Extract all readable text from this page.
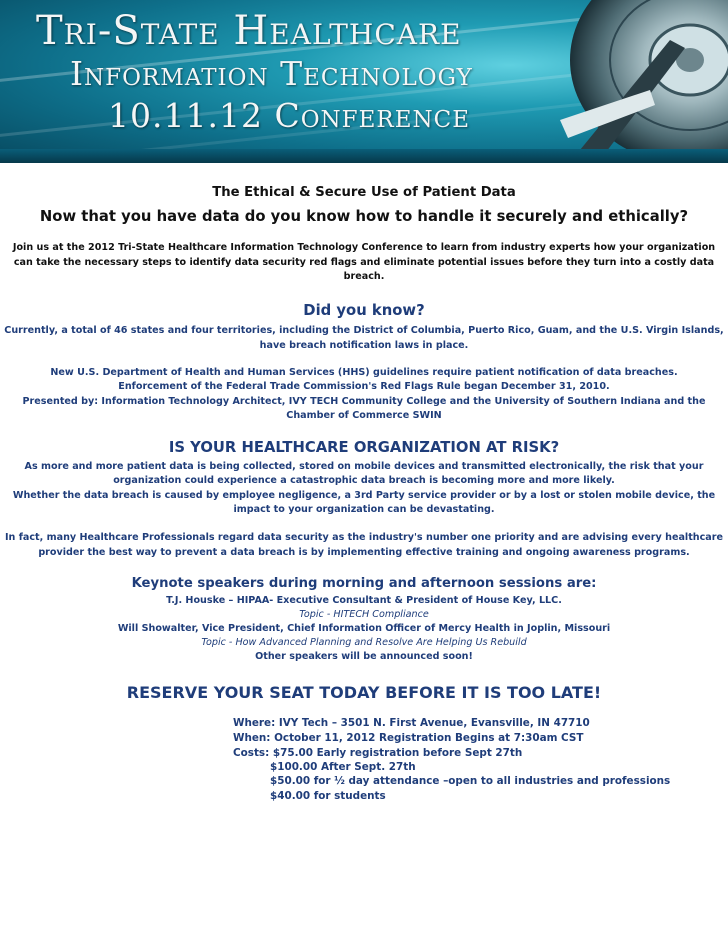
Tri-State Healthcare
Information Technology
10.11.12 Conference
The Ethical & Secure Use of Patient Data
Now that you have data do you know how to handle it securely and ethically?
Join us at the 2012 Tri-State Healthcare Information Technology Conference to learn from industry experts how your organization
can take the necessary steps to identify data security red flags and eliminate potential issues before they turn into a costly data
breach.
Did you know?
Currently, a total of 46 states and four territories, including the District of Columbia, Puerto Rico, Guam, and the U.S. Virgin Islands,
have breach notification laws in place.
New U.S. Department of Health and Human Services (HHS) guidelines require patient notification of data breaches.
Enforcement of the Federal Trade Commission's Red Flags Rule began December 31, 2010.
Presented by: Information Technology Architect, IVY TECH Community College and the University of Southern Indiana and the
Chamber of Commerce SWIN
IS YOUR HEALTHCARE ORGANIZATION AT RISK?
As more and more patient data is being collected, stored on mobile devices and transmitted electronically, the risk that your
organization could experience a catastrophic data breach is becoming more and more likely.
Whether the data breach is caused by employee negligence, a 3rd Party service provider or by a lost or stolen mobile device, the
impact to your organization can be devastating.
In fact, many Healthcare Professionals regard data security as the industry's number one priority and are advising every healthcare
provider the best way to prevent a data breach is by implementing effective training and ongoing awareness programs.
Keynote speakers during morning and afternoon sessions are:
T.J. Houske – HIPAA- Executive Consultant & President of House Key, LLC.
Topic - HITECH Compliance
Will Showalter, Vice President, Chief Information Officer of Mercy Health in Joplin, Missouri
Topic - How Advanced Planning and Resolve Are Helping Us Rebuild
Other speakers will be announced soon!
RESERVE YOUR SEAT TODAY BEFORE IT IS TOO LATE!
Where: IVY Tech – 3501 N. First Avenue, Evansville, IN 47710
When: October 11, 2012 Registration Begins at 7:30am CST
Costs: $75.00 Early registration before Sept 27th
$100.00 After Sept. 27th
$50.00 for ½ day attendance –open to all industries and professions
$40.00 for students
